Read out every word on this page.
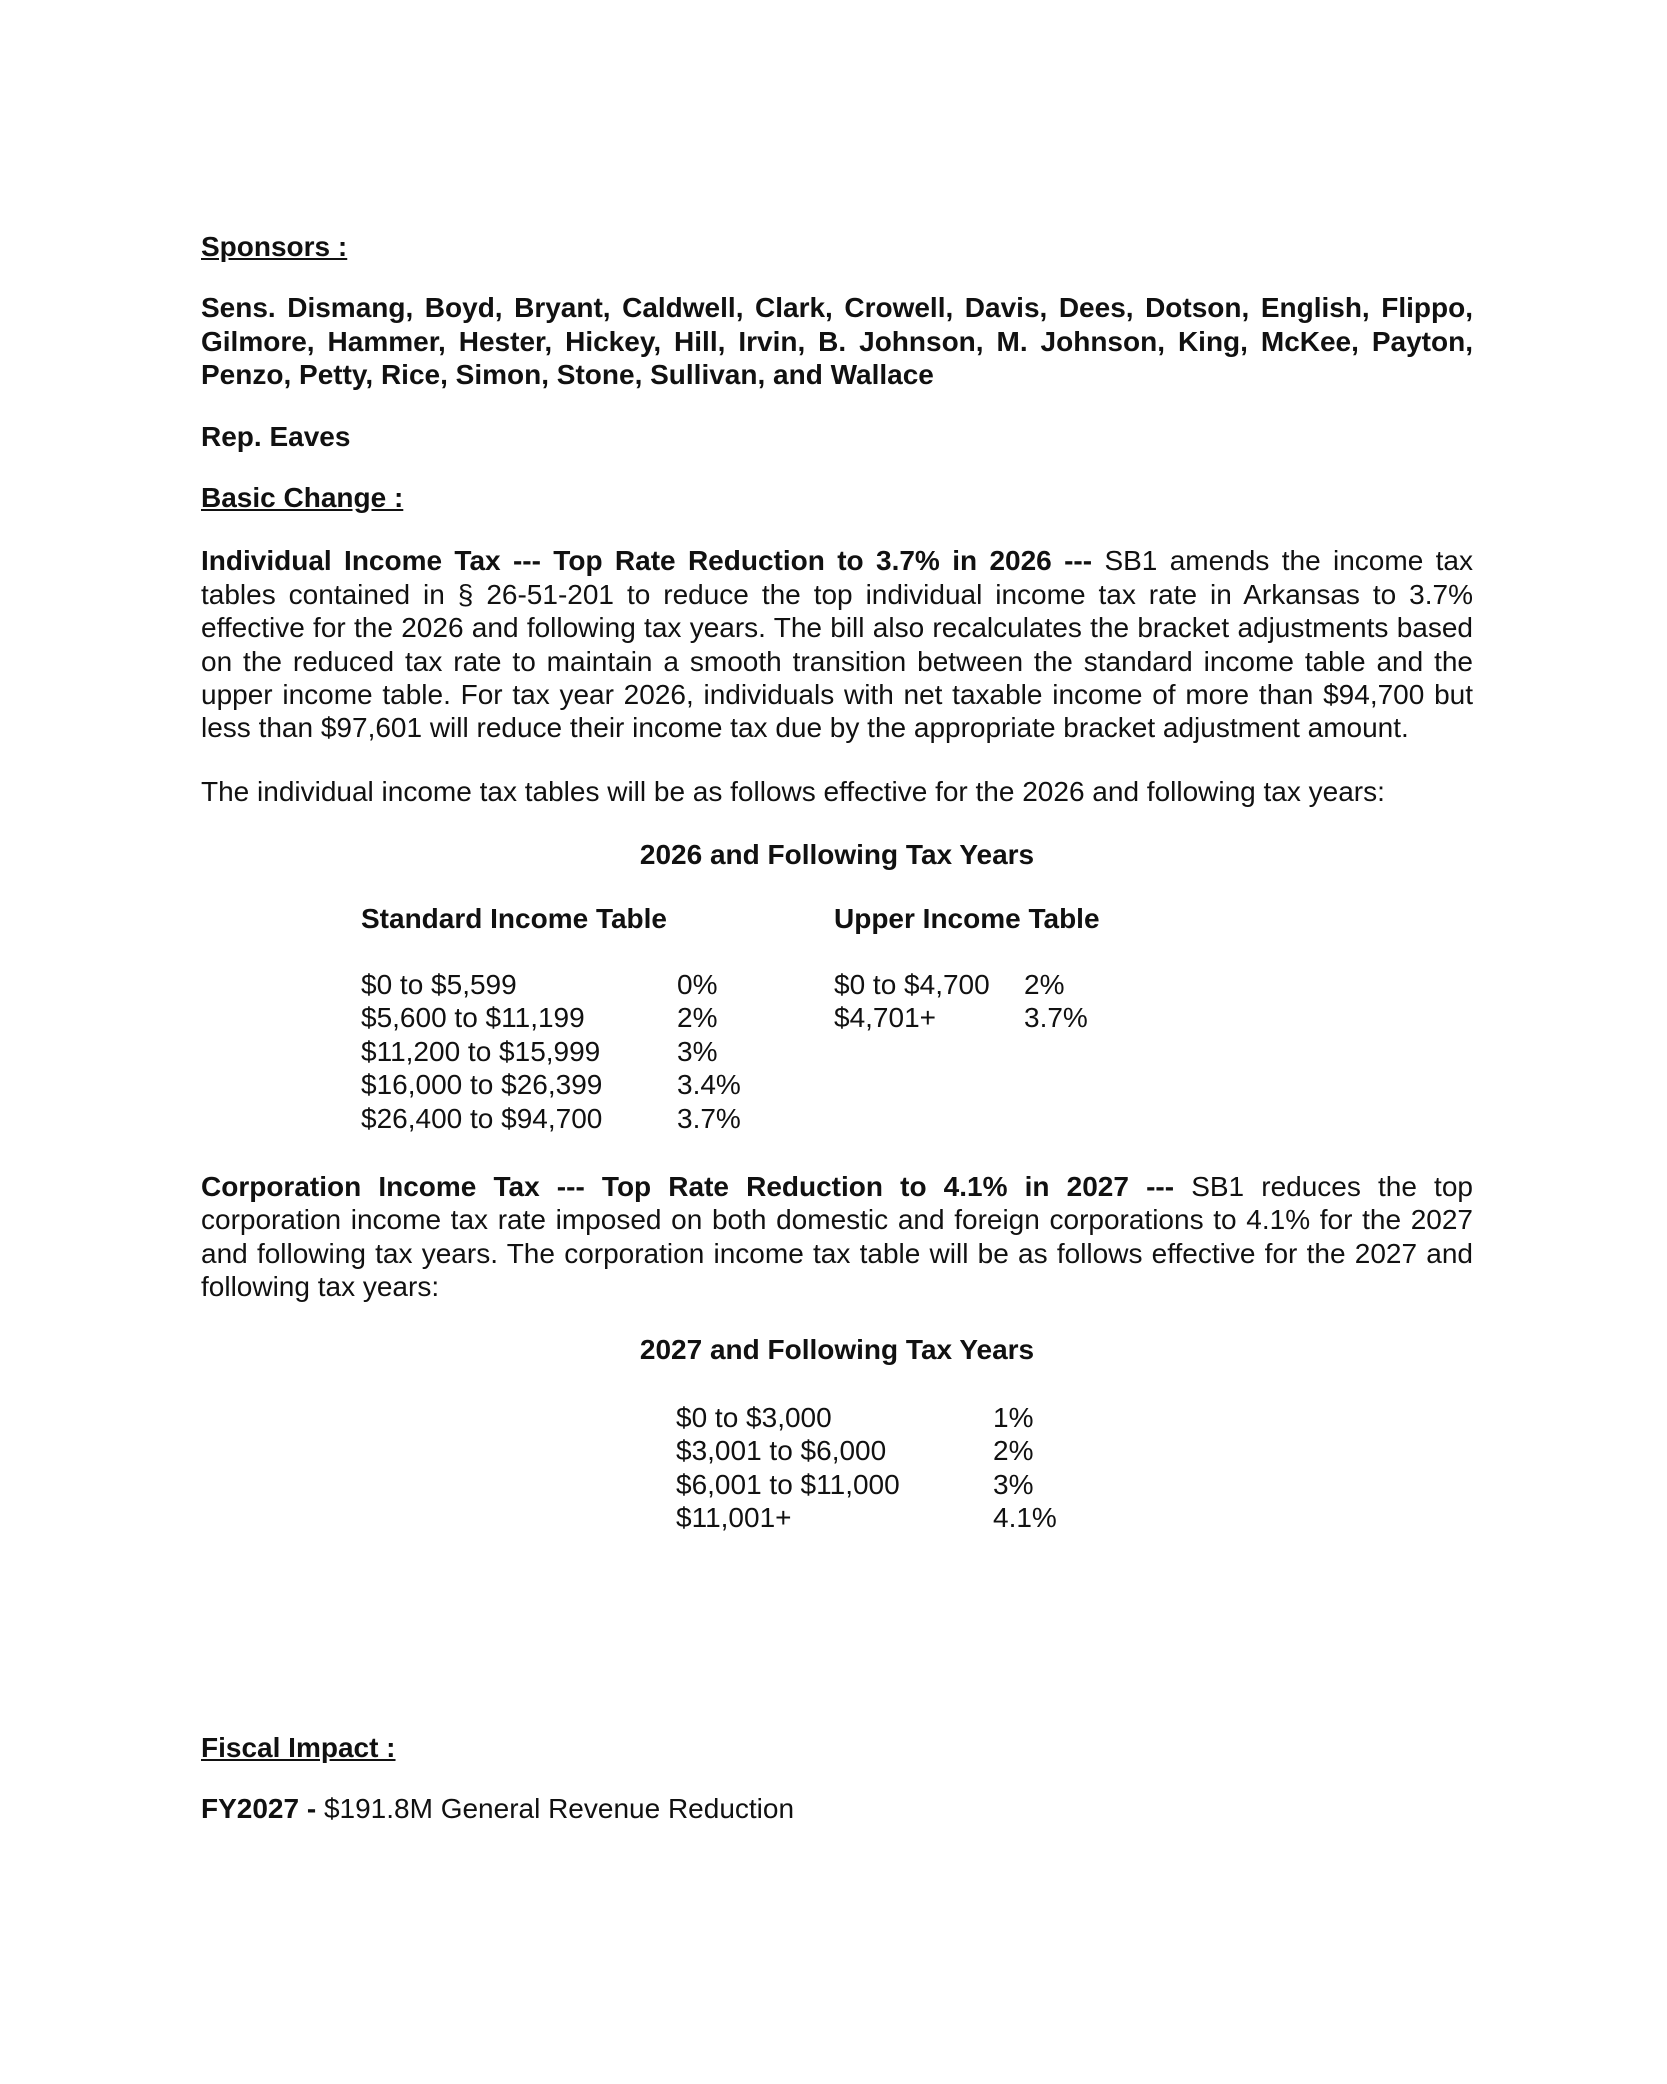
Sponsors :

Sens. Dismang, Boyd, Bryant, Caldwell, Clark, Crowell, Davis, Dees, Dotson, English, Flippo, Gilmore, Hammer, Hester, Hickey, Hill, Irvin, B. Johnson, M. Johnson, King, McKee, Payton, Penzo, Petty, Rice, Simon, Stone, Sullivan, and Wallace

Rep. Eaves

Basic Change :

Individual Income Tax --- Top Rate Reduction to 3.7% in 2026 --- SB1 amends the income tax tables contained in § 26-51-201 to reduce the top individual income tax rate in Arkansas to 3.7% effective for the 2026 and following tax years. The bill also recalculates the bracket adjustments based on the reduced tax rate to maintain a smooth transition between the standard income table and the upper income table. For tax year 2026, individuals with net taxable income of more than $94,700 but less than $97,601 will reduce their income tax due by the appropriate bracket adjustment amount.

The individual income tax tables will be as follows effective for the 2026 and following tax years:

2026 and Following Tax Years

Standard Income Table
$0 to $5,599	0%
$5,600 to $11,199	2%
$11,200 to $15,999	3%
$16,000 to $26,399	3.4%
$26,400 to $94,700	3.7%
Upper Income Table
$0 to $4,700 2%
$4,701+	3.7%

Corporation Income Tax --- Top Rate Reduction to 4.1% in 2027 --- SB1 reduces the top corporation income tax rate imposed on both domestic and foreign corporations to 4.1% for the 2027 and following tax years. The corporation income tax table will be as follows effective for the 2027 and following tax years:

2027 and Following Tax Years

$0 to $3,000	1%
$3,001 to $6,000	2%
$6,001 to $11,000	3%
$11,001+	4.1%

Fiscal Impact :

FY2027 - $191.8M General Revenue Reduction
